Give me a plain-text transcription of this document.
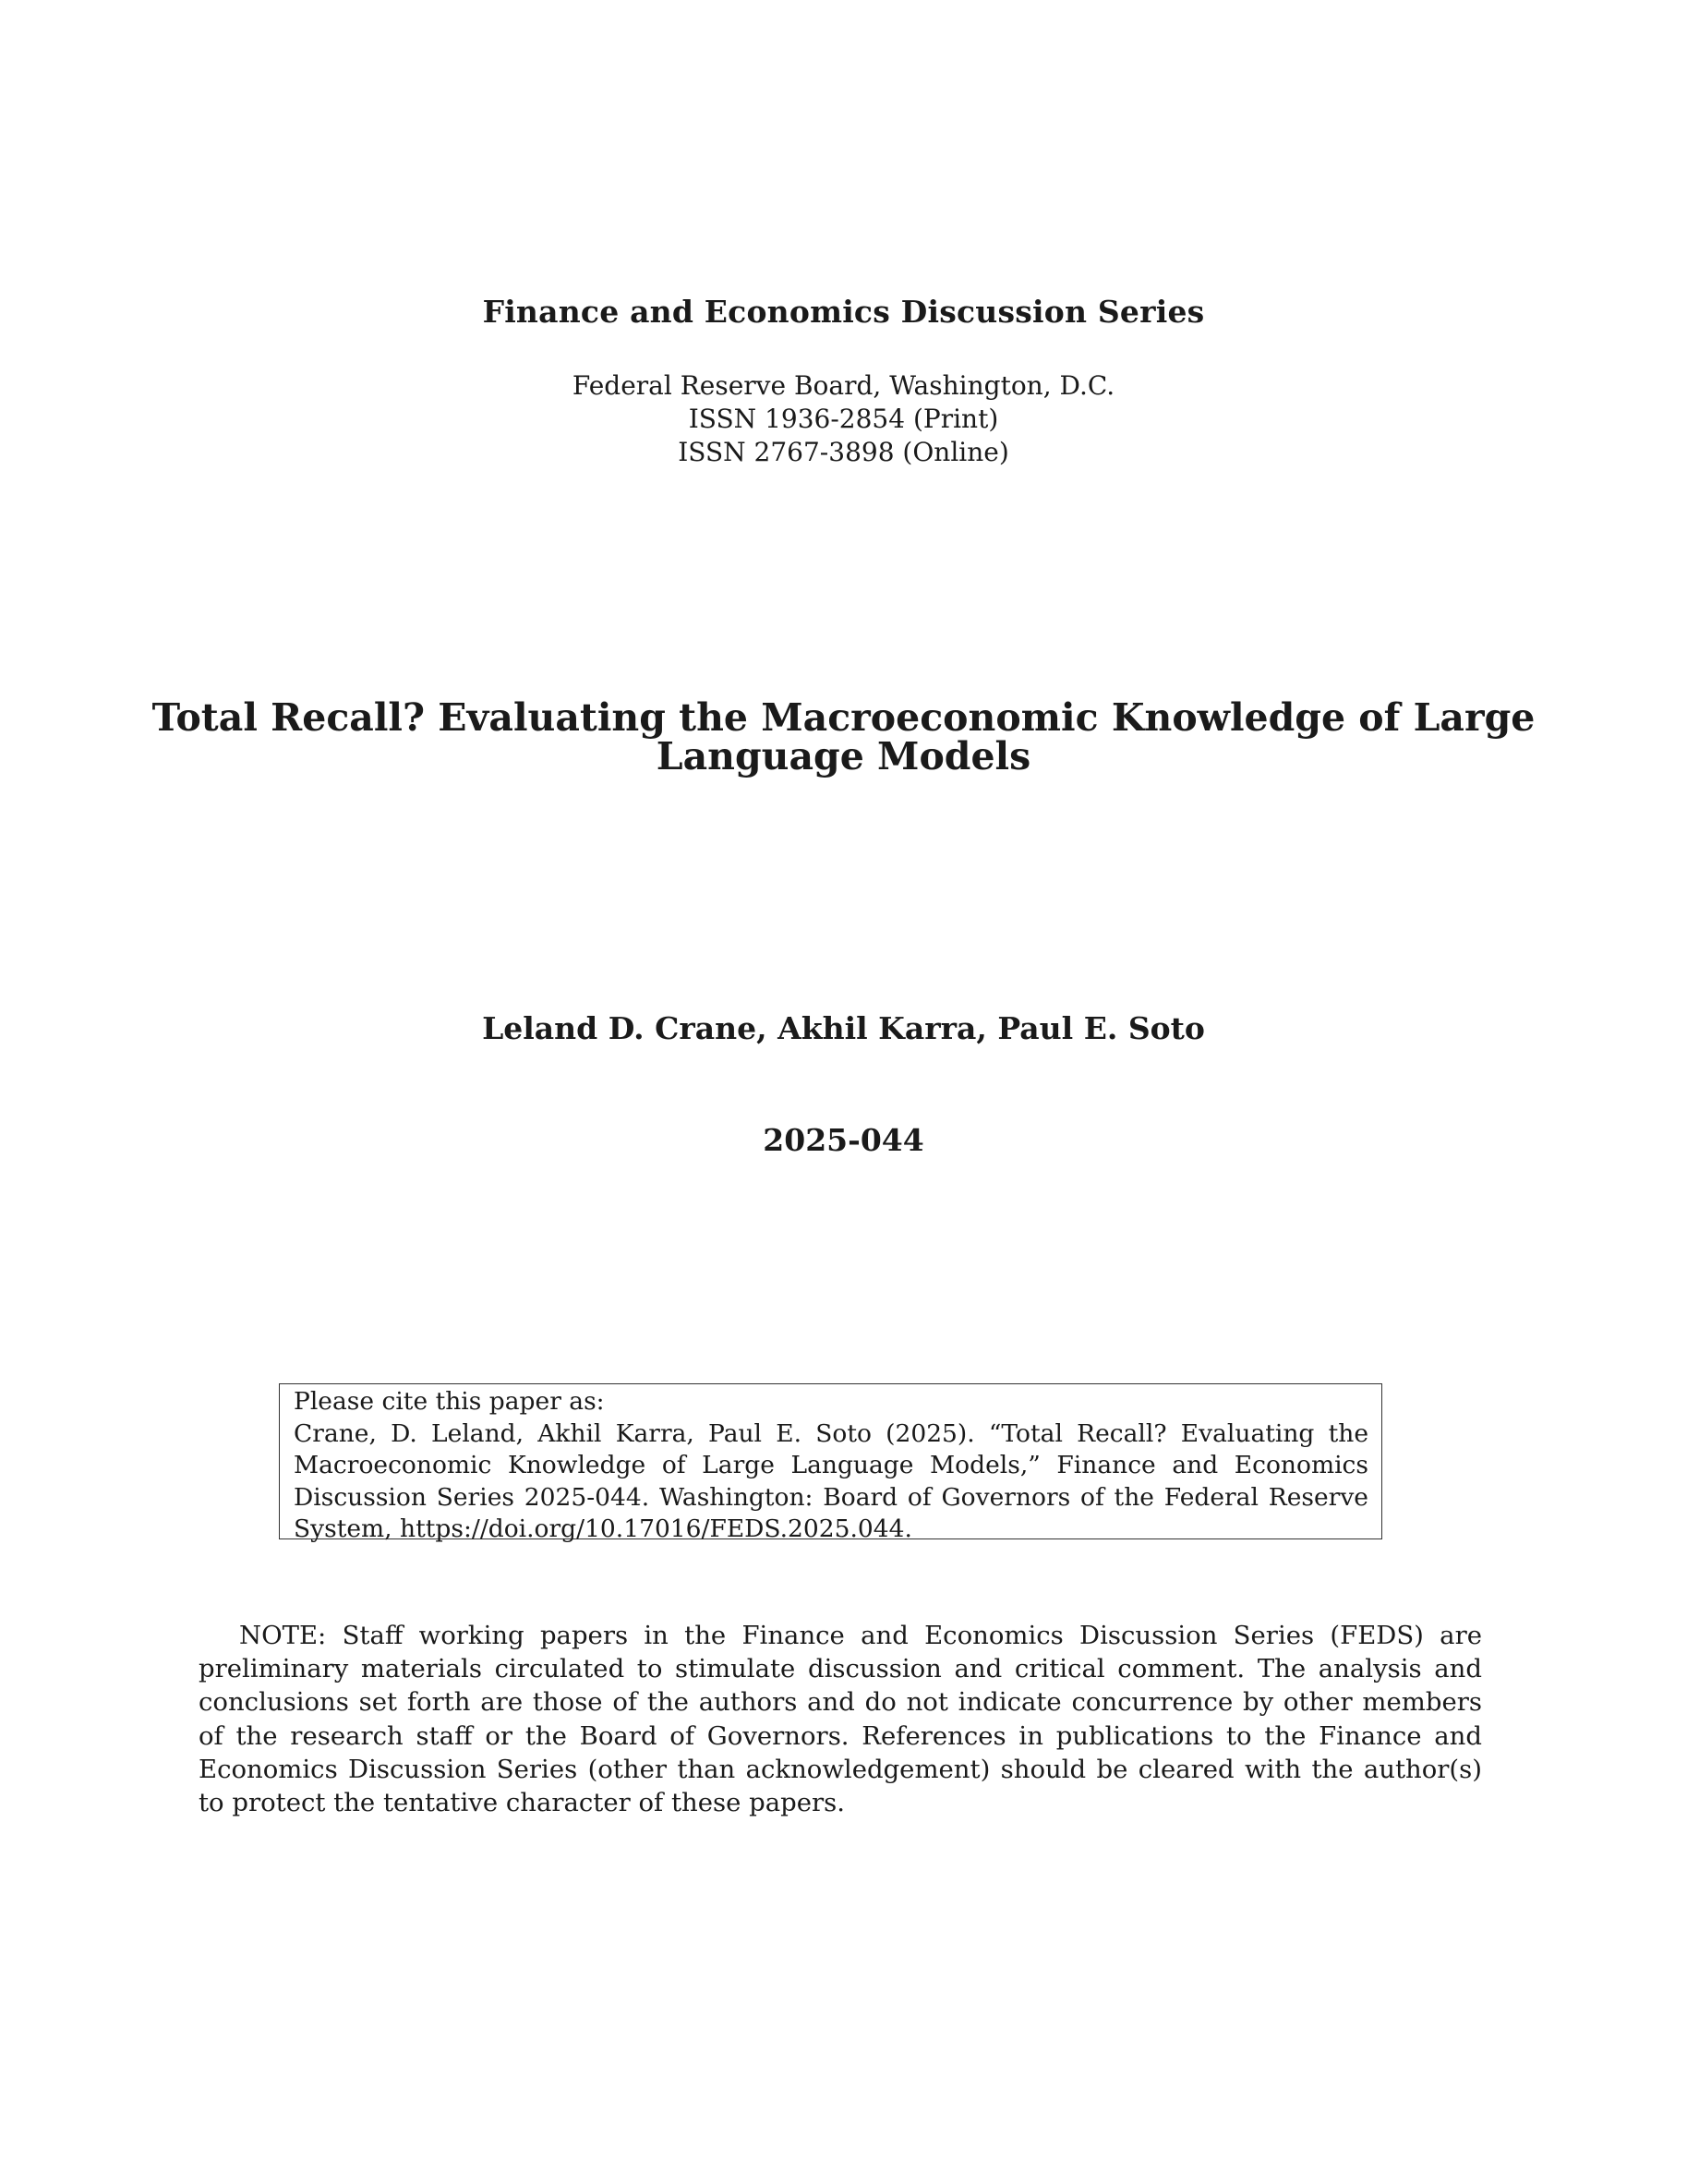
Finance and Economics Discussion Series
Federal Reserve Board, Washington, D.C.
ISSN 1936-2854 (Print)
ISSN 2767-3898 (Online)
Total Recall? Evaluating the Macroeconomic Knowledge of Large
Language Models
Leland D. Crane, Akhil Karra, Paul E. Soto
2025-044

Please cite this paper as:

Crane, D. Leland, Akhil Karra, Paul E. Soto (2025). “Total Recall? Evaluating the Macroeconomic Knowledge of Large Language Models,” Finance and Economics Discussion Series 2025-044. Washington: Board of Governors of the Federal Reserve System, https://doi.org/10.17016/FEDS.2025.044.

NOTE: Staff working papers in the Finance and Economics Discussion Series (FEDS) are preliminary materials circulated to stimulate discussion and critical comment. The analysis and conclusions set forth are those of the authors and do not indicate concurrence by other members of the research staff or the Board of Governors. References in publications to the Finance and Economics Discussion Series (other than acknowledgement) should be cleared with the author(s) to protect the tentative character of these papers.
